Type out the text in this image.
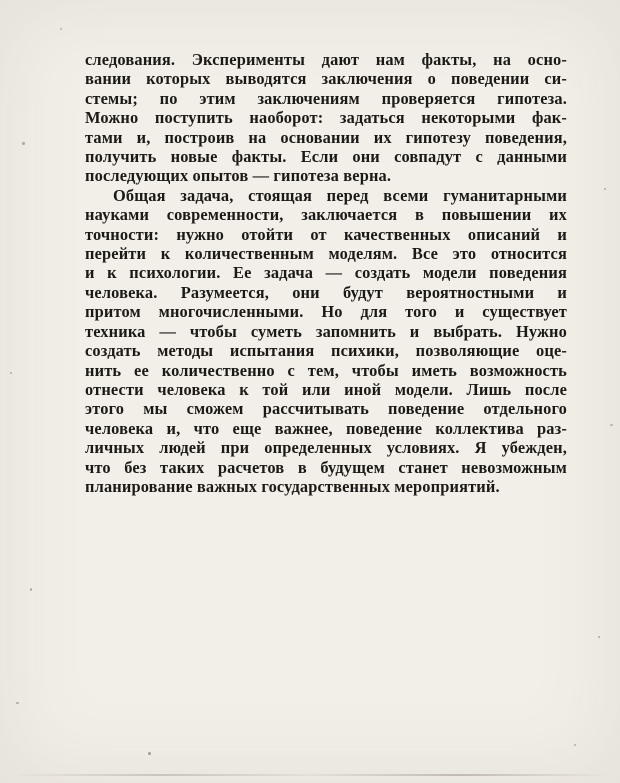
следования. Эксперименты дают нам факты, на осно-
вании которых выводятся заключения о поведении си-
стемы; по этим заключениям проверяется гипотеза.
Можно поступить наоборот: задаться некоторыми фак-
тами и, построив на основании их гипотезу поведения,
получить новые факты. Если они совпадут с данными
последующих опытов — гипотеза верна.
Общая задача, стоящая перед всеми гуманитарными
науками современности, заключается в повышении их
точности: нужно отойти от качественных описаний и
перейти к количественным моделям. Все это относится
и к психологии. Ее задача — создать модели поведения
человека. Разумеется, они будут вероятностными и
притом многочисленными. Но для того и существует
техника — чтобы суметь запомнить и выбрать. Нужно
создать методы испытания психики, позволяющие оце-
нить ее количественно с тем, чтобы иметь возможность
отнести человека к той или иной модели. Лишь после
этого мы сможем рассчитывать поведение отдельного
человека и, что еще важнее, поведение коллектива раз-
личных людей при определенных условиях. Я убежден,
что без таких расчетов в будущем станет невозможным
планирование важных государственных мероприятий.
